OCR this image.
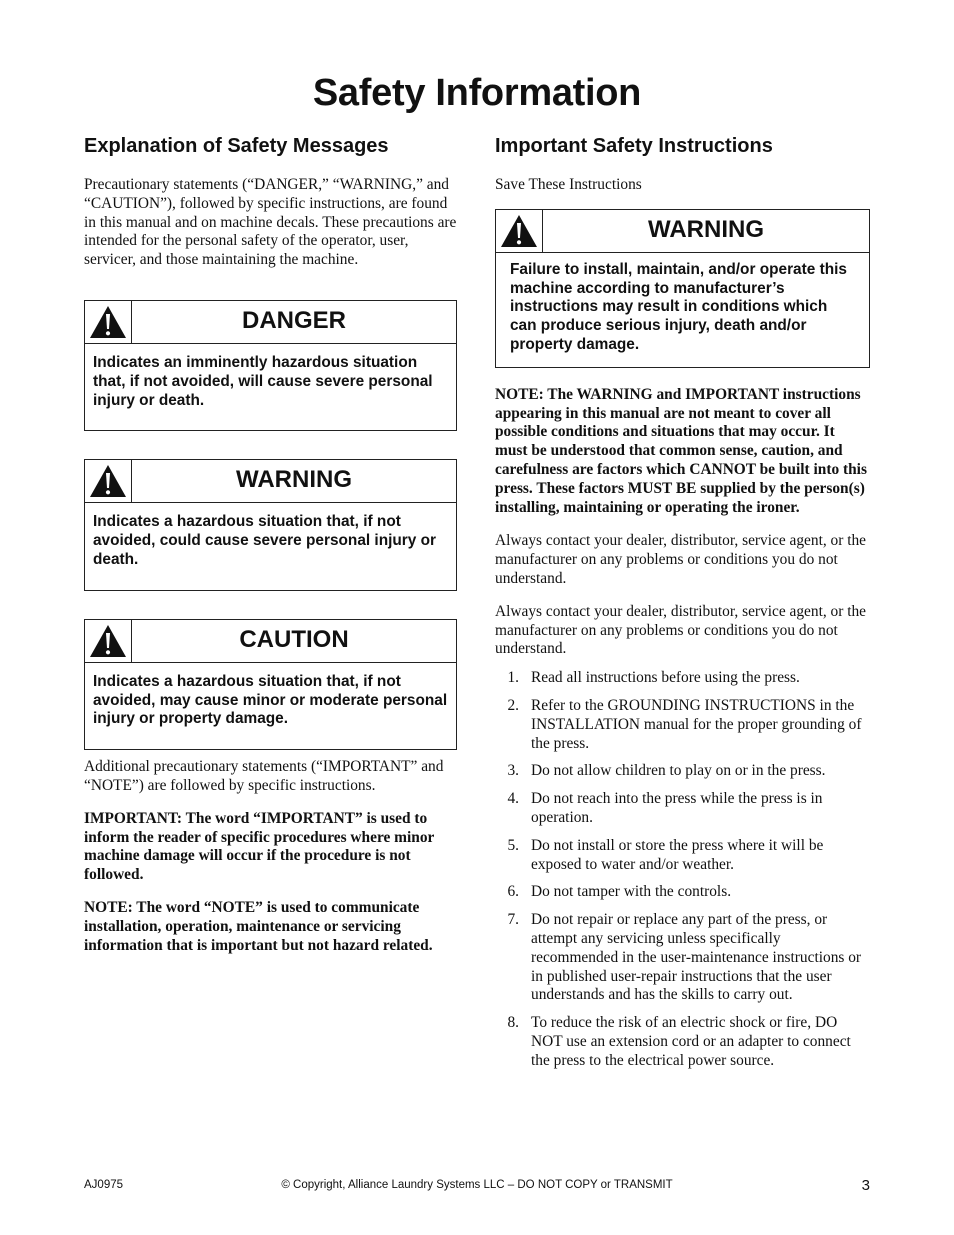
Safety Information
Explanation of Safety Messages

Precautionary statements (“DANGER,” “WARNING,” and “CAUTION”), followed by specific instructions, are found in this manual and on machine decals. These precautions are intended for the personal safety of the operator, user, servicer, and those maintaining the machine.

DANGER
Indicates an imminently hazardous situation that, if not avoided, will cause severe personal injury or death.
WARNING
Indicates a hazardous situation that, if not avoided, could cause severe personal injury or death.
CAUTION
Indicates a hazardous situation that, if not avoided, may cause minor or moderate personal injury or property damage.

Additional precautionary statements (“IMPORTANT” and “NOTE”) are followed by specific instructions.

IMPORTANT: The word “IMPORTANT” is used to inform the reader of specific procedures where minor machine damage will occur if the procedure is not followed.

NOTE: The word “NOTE” is used to communicate installation, operation, maintenance or servicing information that is important but not hazard related.

Important Safety Instructions

Save These Instructions

WARNING
Failure to install, maintain, and/or operate this machine according to manufacturer’s instructions may result in conditions which can produce serious injury, death and/or property damage.

NOTE: The WARNING and IMPORTANT instructions appearing in this manual are not meant to cover all possible conditions and situations that may occur. It must be understood that common sense, caution, and carefulness are factors which CANNOT be built into this press. These factors MUST BE supplied by the person(s) installing, maintaining or operating the ironer.

Always contact your dealer, distributor, service agent, or the manufacturer on any problems or conditions you do not understand.

Always contact your dealer, distributor, service agent, or the manufacturer on any problems or conditions you do not understand.

1. Read all instructions before using the press.
2. Refer to the GROUNDING INSTRUCTIONS in the INSTALLATION manual for the proper grounding of the press.
3. Do not allow children to play on or in the press.
4. Do not reach into the press while the press is in operation.
5. Do not install or store the press where it will be exposed to water and/or weather.
6. Do not tamper with the controls.
7. Do not repair or replace any part of the press, or attempt any servicing unless specifically recommended in the user-maintenance instructions or in published user-repair instructions that the user understands and has the skills to carry out.
8. To reduce the risk of an electric shock or fire, DO NOT use an extension cord or an adapter to connect the press to the electrical power source.
AJ0975	© Copyright, Alliance Laundry Systems LLC – DO NOT COPY or TRANSMIT	3
